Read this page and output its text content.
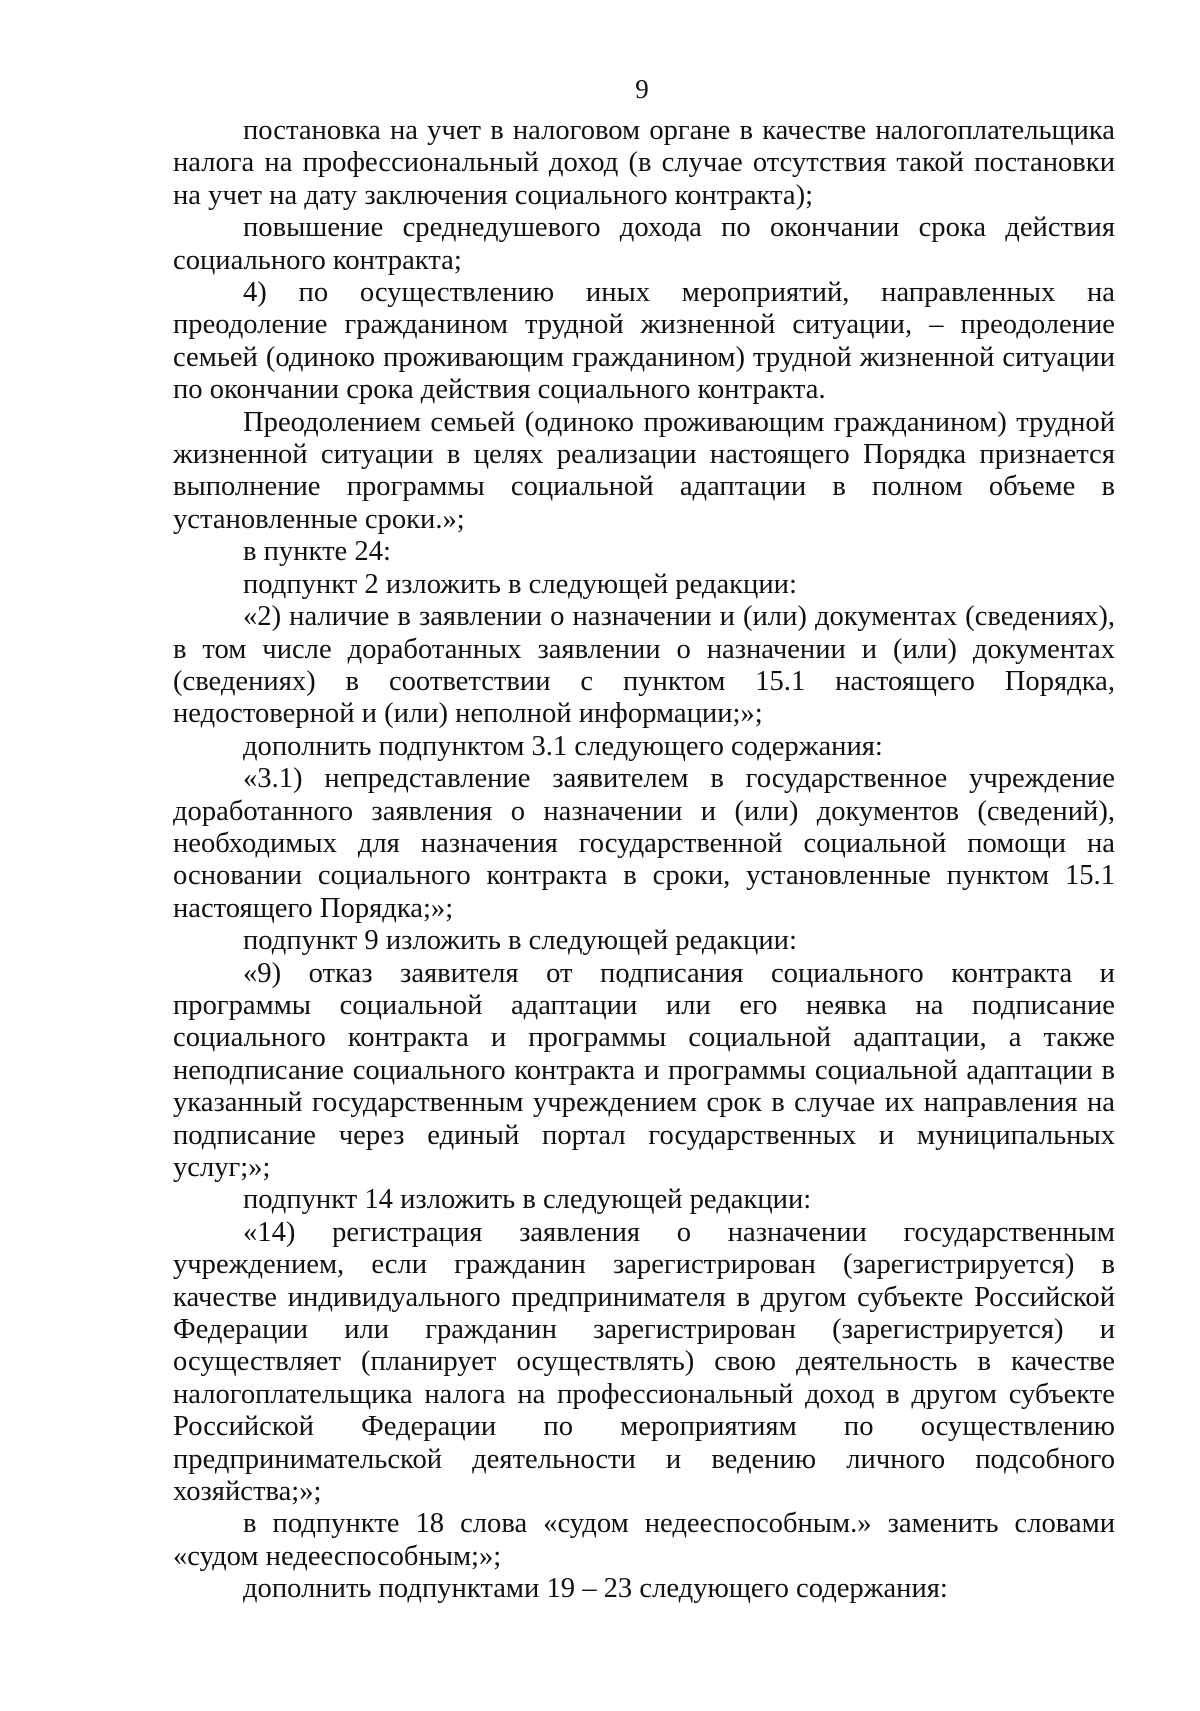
9

постановка на учет в налоговом органе в качестве налогоплательщика налога на профессиональный доход (в случае отсутствия такой постановки на учет на дату заключения социального контракта);

повышение среднедушевого дохода по окончании срока действия социального контракта;

4) по осуществлению иных мероприятий, направленных на преодоление гражданином трудной жизненной ситуации, – преодоление семьей (одиноко проживающим гражданином) трудной жизненной ситуации по окончании срока действия социального контракта.

Преодолением семьей (одиноко проживающим гражданином) трудной жизненной ситуации в целях реализации настоящего Порядка признается выполнение программы социальной адаптации в полном объеме в установленные сроки.»;

в пункте 24:

подпункт 2 изложить в следующей редакции:

«2) наличие в заявлении о назначении и (или) документах (сведениях), в том числе доработанных заявлении о назначении и (или) документах (сведениях) в соответствии с пунктом 15.1 настоящего Порядка, недостоверной и (или) неполной информации;»;

дополнить подпунктом 3.1 следующего содержания:

«3.1) непредставление заявителем в государственное учреждение доработанного заявления о назначении и (или) документов (сведений), необходимых для назначения государственной социальной помощи на основании социального контракта в сроки, установленные пунктом 15.1 настоящего Порядка;»;

подпункт 9 изложить в следующей редакции:

«9) отказ заявителя от подписания социального контракта и программы социальной адаптации или его неявка на подписание социального контракта и программы социальной адаптации, а также неподписание социального контракта и программы социальной адаптации в указанный государственным учреждением срок в случае их направления на подписание через единый портал государственных и муниципальных услуг;»;

подпункт 14 изложить в следующей редакции:

«14) регистрация заявления о назначении государственным учреждением, если гражданин зарегистрирован (зарегистрируется) в качестве индивидуального предпринимателя в другом субъекте Российской Федерации или гражданин зарегистрирован (зарегистрируется) и осуществляет (планирует осуществлять) свою деятельность в качестве налогоплательщика налога на профессиональный доход в другом субъекте Российской Федерации по мероприятиям по осуществлению предпринимательской деятельности и ведению личного подсобного хозяйства;»;

в подпункте 18 слова «судом недееспособным.» заменить словами «судом недееспособным;»;

дополнить подпунктами 19 – 23 следующего содержания:
